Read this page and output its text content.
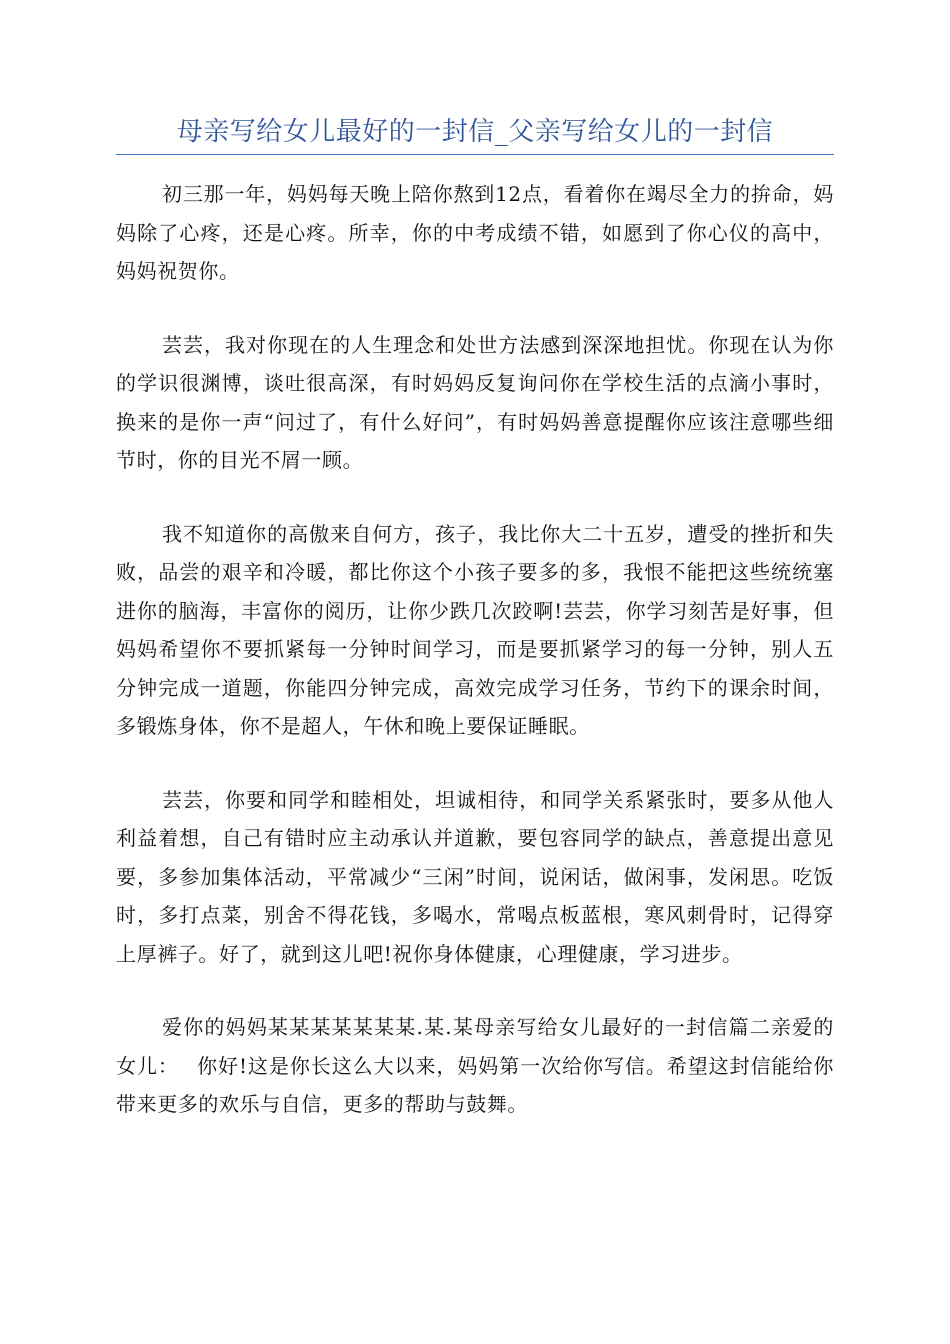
母亲写给女儿最好的一封信_父亲写给女儿的一封信

初三那一年，妈妈每天晚上陪你熬到12点，看着你在竭尽全力的拚命，妈妈除了心疼，还是心疼。所幸，你的中考成绩不错，如愿到了你心仪的高中，妈妈祝贺你。

芸芸，我对你现在的人生理念和处世方法感到深深地担忧。你现在认为你的学识很渊博，谈吐很高深，有时妈妈反复询问你在学校生活的点滴小事时，换来的是你一声“问过了，有什么好问”，有时妈妈善意提醒你应该注意哪些细节时，你的目光不屑一顾。

我不知道你的高傲来自何方，孩子，我比你大二十五岁，遭受的挫折和失败，品尝的艰辛和冷暖，都比你这个小孩子要多的多，我恨不能把这些统统塞进你的脑海，丰富你的阅历，让你少跌几次跤啊!芸芸，你学习刻苦是好事，但妈妈希望你不要抓紧每一分钟时间学习，而是要抓紧学习的每一分钟，别人五分钟完成一道题，你能四分钟完成，高效完成学习任务，节约下的课余时间，多锻炼身体，你不是超人，午休和晚上要保证睡眠。

芸芸，你要和同学和睦相处，坦诚相待，和同学关系紧张时，要多从他人利益着想，自己有错时应主动承认并道歉，要包容同学的缺点，善意提出意见要，多参加集体活动，平常减少“三闲”时间，说闲话，做闲事，发闲思。吃饭时，多打点菜，别舍不得花钱，多喝水，常喝点板蓝根，寒风刺骨时，记得穿上厚裤子。好了，就到这儿吧!祝你身体健康，心理健康，学习进步。

爱你的妈妈某某某某某某某.某.某母亲写给女儿最好的一封信篇二亲爱的女儿：　 你好!这是你长这么大以来，妈妈第一次给你写信。希望这封信能给你带来更多的欢乐与自信，更多的帮助与鼓舞。
